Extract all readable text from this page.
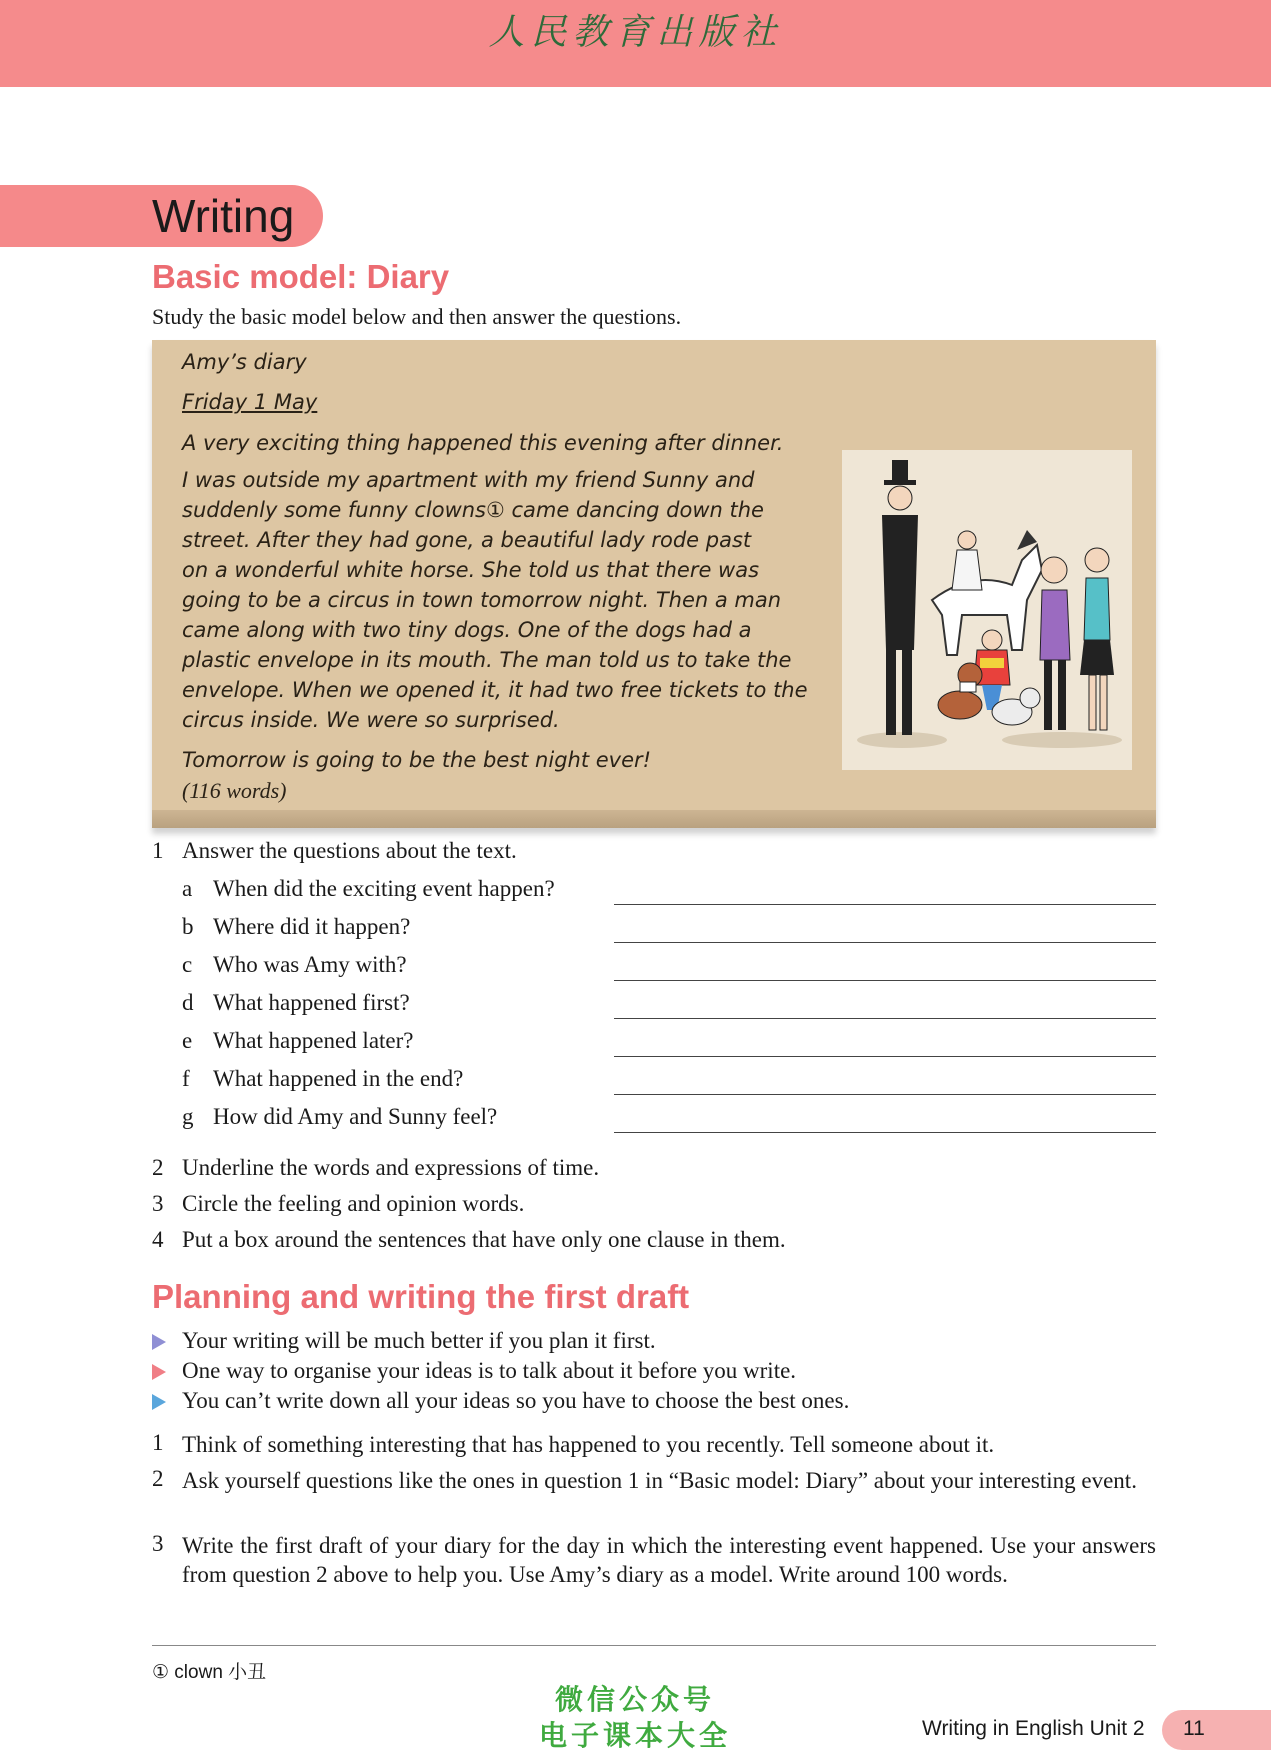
人民教育出版社
Writing
Basic model: Diary
Study the basic model below and then answer the questions.
Amy’s diary
Friday 1 May
A very exciting thing happened this evening after dinner.
I was outside my apartment with my friend Sunny and
suddenly some funny clowns① came dancing down the
street. After they had gone, a beautiful lady rode past
on a wonderful white horse. She told us that there was
going to be a circus in town tomorrow night. Then a man
came along with two tiny dogs. One of the dogs had a
plastic envelope in its mouth. The man told us to take the
envelope. When we opened it, it had two free tickets to the
circus inside. We were so surprised.
Tomorrow is going to be the best night ever!
(116 words)
1 Answer the questions about the text.
a When did the exciting event happen?
b Where did it happen?
c Who was Amy with?
d What happened first?
e What happened later?
f What happened in the end?
g How did Amy and Sunny feel?
2 Underline the words and expressions of time.
3 Circle the feeling and opinion words.
4 Put a box around the sentences that have only one clause in them.
Planning and writing the first draft
Your writing will be much better if you plan it first.
One way to organise your ideas is to talk about it before you write.
You can’t write down all your ideas so you have to choose the best ones.
1 Think of something interesting that has happened to you recently. Tell someone about it.
2 Ask yourself questions like the ones in question 1 in “Basic model: Diary” about your interesting event.
3 Write the first draft of your diary for the day in which the interesting event happened. Use your answers from question 2 above to help you. Use Amy’s diary as a model. Write around 100 words.
① clown 小丑
微信公众号
电子课本大全	Writing in English Unit 2 11
